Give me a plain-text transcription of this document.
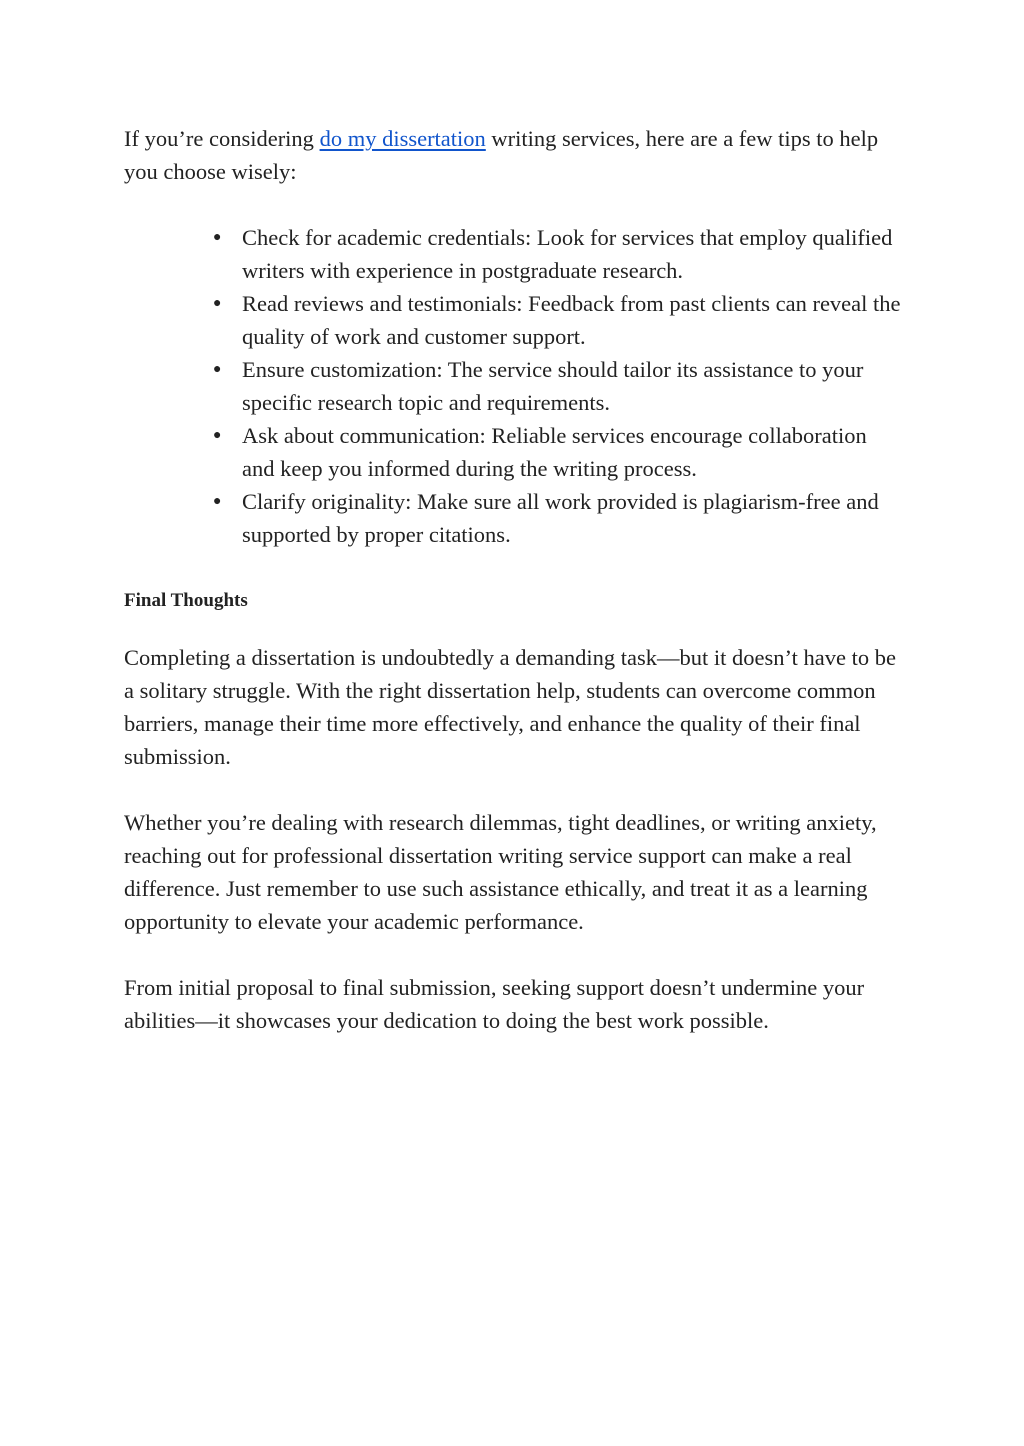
If you’re considering do my dissertation writing services, here are a few tips to help you choose wisely:

● Check for academic credentials: Look for services that employ qualified writers with experience in postgraduate research.
● Read reviews and testimonials: Feedback from past clients can reveal the quality of work and customer support.
● Ensure customization: The service should tailor its assistance to your specific research topic and requirements.
● Ask about communication: Reliable services encourage collaboration and keep you informed during the writing process.
● Clarify originality: Make sure all work provided is plagiarism-free and supported by proper citations.
Final Thoughts

Completing a dissertation is undoubtedly a demanding task—but it doesn’t have to be a solitary struggle. With the right dissertation help, students can overcome common barriers, manage their time more effectively, and enhance the quality of their final submission.

Whether you’re dealing with research dilemmas, tight deadlines, or writing anxiety, reaching out for professional dissertation writing service support can make a real difference. Just remember to use such assistance ethically, and treat it as a learning opportunity to elevate your academic performance.

From initial proposal to final submission, seeking support doesn’t undermine your abilities—it showcases your dedication to doing the best work possible.
